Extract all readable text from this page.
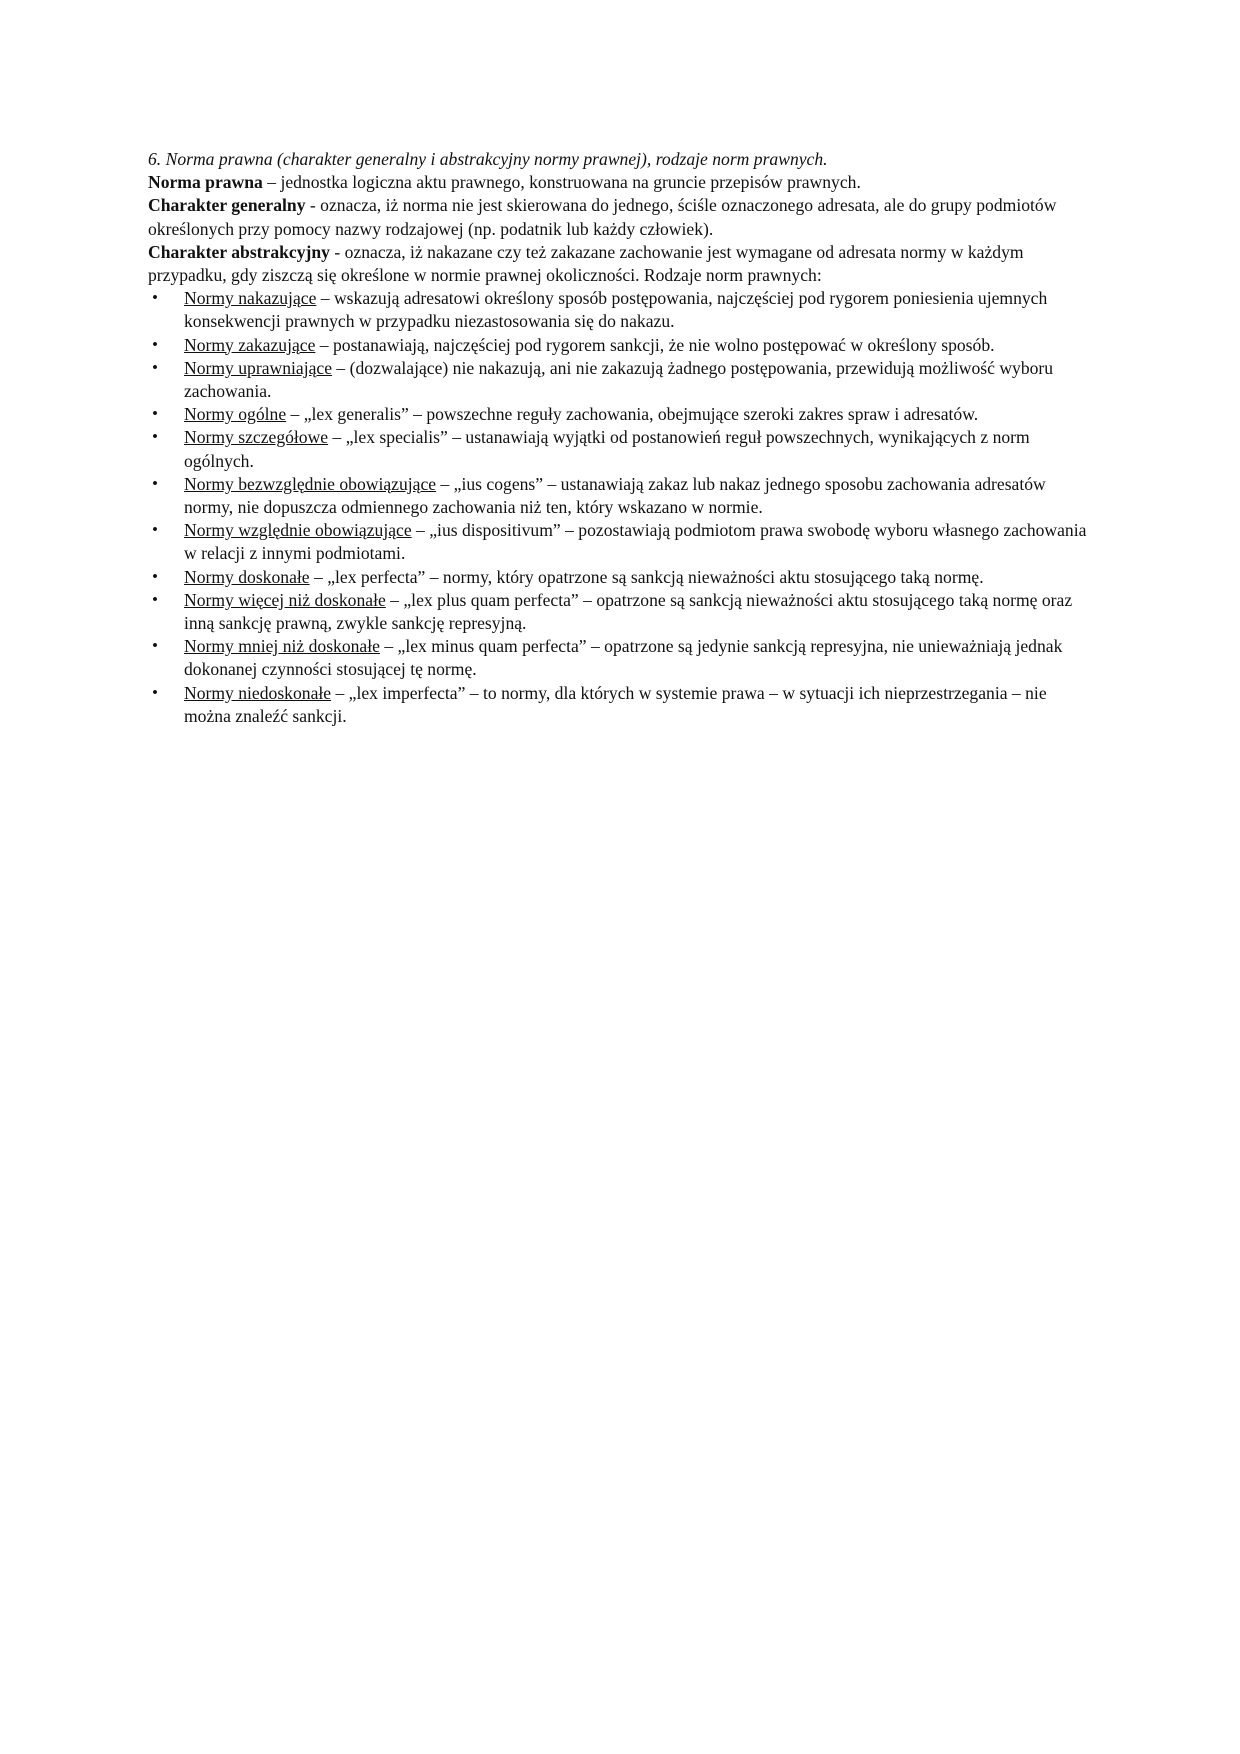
6. Norma prawna (charakter generalny i abstrakcyjny normy prawnej), rodzaje norm prawnych.

Norma prawna – jednostka logiczna aktu prawnego, konstruowana na gruncie przepisów prawnych.

Charakter generalny - oznacza, iż norma nie jest skierowana do jednego, ściśle oznaczonego adresata, ale do grupy podmiotów określonych przy pomocy nazwy rodzajowej (np. podatnik lub każdy człowiek).

Charakter abstrakcyjny - oznacza, iż nakazane czy też zakazane zachowanie jest wymagane od adresata normy w każdym przypadku, gdy ziszczą się określone w normie prawnej okoliczności. Rodzaje norm prawnych:

• Normy nakazujące – wskazują adresatowi określony sposób postępowania, najczęściej pod rygorem poniesienia ujemnych konsekwencji prawnych w przypadku niezastosowania się do nakazu.
• Normy zakazujące – postanawiają, najczęściej pod rygorem sankcji, że nie wolno postępować w określony sposób.
• Normy uprawniające – (dozwalające) nie nakazują, ani nie zakazują żadnego postępowania, przewidują możliwość wyboru zachowania.
• Normy ogólne – „lex generalis” – powszechne reguły zachowania, obejmujące szeroki zakres spraw i adresatów.
• Normy szczegółowe – „lex specialis” – ustanawiają wyjątki od postanowień reguł powszechnych, wynikających z norm ogólnych.
• Normy bezwzględnie obowiązujące – „ius cogens” – ustanawiają zakaz lub nakaz jednego sposobu zachowania adresatów normy, nie dopuszcza odmiennego zachowania niż ten, który wskazano w normie.
• Normy względnie obowiązujące – „ius dispositivum” – pozostawiają podmiotom prawa swobodę wyboru własnego zachowania w relacji z innymi podmiotami.
• Normy doskonałe – „lex perfecta” – normy, który opatrzone są sankcją nieważności aktu stosującego taką normę.
• Normy więcej niż doskonałe – „lex plus quam perfecta” – opatrzone są sankcją nieważności aktu stosującego taką normę oraz inną sankcję prawną, zwykle sankcję represyjną.
• Normy mniej niż doskonałe – „lex minus quam perfecta” – opatrzone są jedynie sankcją represyjna, nie unieważniają jednak dokonanej czynności stosującej tę normę.
• Normy niedoskonałe – „lex imperfecta” – to normy, dla których w systemie prawa – w sytuacji ich nieprzestrzegania – nie można znaleźć sankcji.
